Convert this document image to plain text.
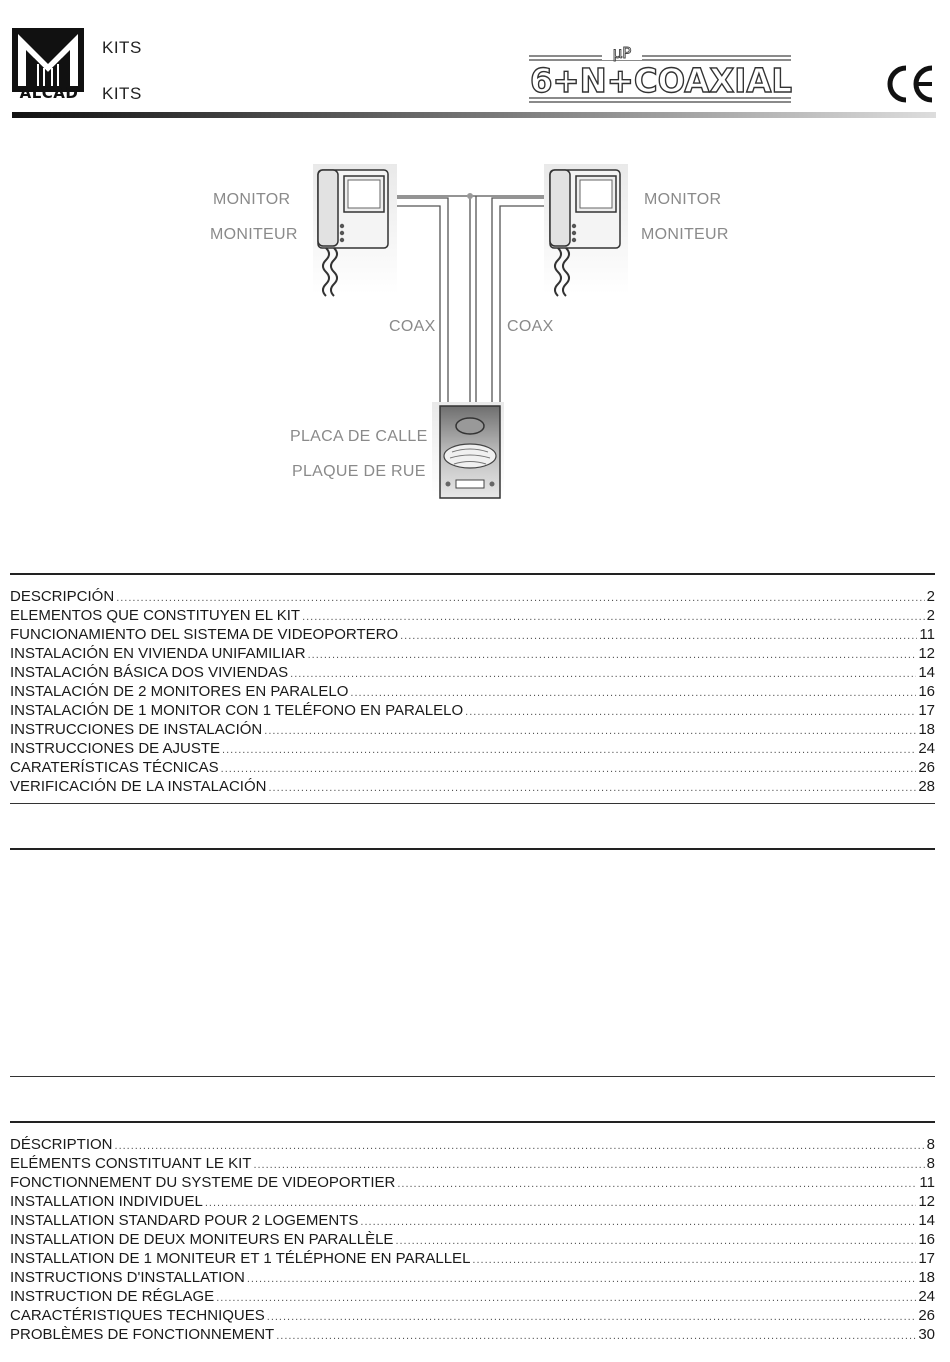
ALCAD
KITS
KITS
µP
6+N+COAXIAL
MONITOR
MONITEUR
MONITOR
MONITEUR
COAX	COAX
PLACA DE CALLE
PLAQUE DE RUE
DESCRIPCIÓN .....	2
ELEMENTOS QUE CONSTITUYEN EL KIT .....	2
FUNCIONAMIENTO DEL SISTEMA DE VIDEOPORTERO .....	11
INSTALACIÓN EN VIVIENDA UNIFAMILIAR .....	12
INSTALACIÓN BÁSICA DOS VIVIENDAS .....	14
INSTALACIÓN DE 2 MONITORES EN PARALELO .....	16
INSTALACIÓN DE 1 MONITOR CON 1 TELÉFONO EN PARALELO .....	17
INSTRUCCIONES DE INSTALACIÓN .....	18
INSTRUCCIONES DE AJUSTE .....	24
CARATERÍSTICAS TÉCNICAS .....	26
VERIFICACIÓN DE LA INSTALACIÓN .....	28
DÉSCRIPTION .....	8
ELÉMENTS CONSTITUANT LE KIT .....	8
FONCTIONNEMENT DU SYSTEME DE VIDEOPORTIER .....	11
INSTALLATION INDIVIDUEL .....	12
INSTALLATION STANDARD POUR 2 LOGEMENTS .....	14
INSTALLATION DE DEUX MONITEURS EN PARALLÈLE .....	16
INSTALLATION DE 1 MONITEUR ET 1 TÉLÉPHONE EN PARALLEL .....	17
INSTRUCTIONS D'INSTALLATION .....	18
INSTRUCTION DE RÉGLAGE .....	24
CARACTÉRISTIQUES TECHNIQUES .....	26
PROBLÈMES DE FONCTIONNEMENT .....	30
